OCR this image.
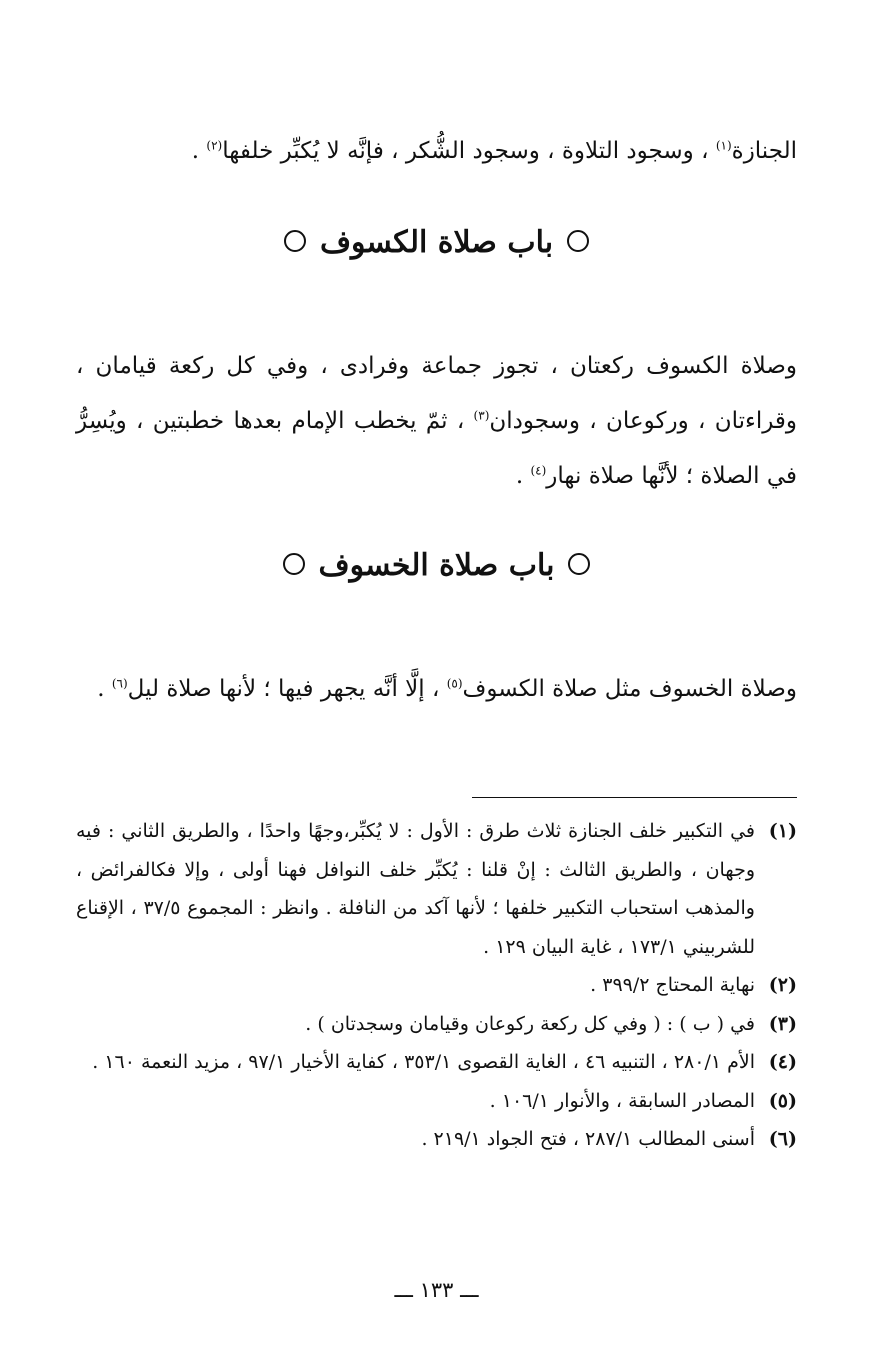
الجنازة$^{(١)}$ ، وسجود التلاوة ، وسجود الشُّكر ، فإنَّه لا يُكبِّر خلفها$^{(٢)}$ .

باب صلاة الكسوف

وصلاة الكسوف ركعتان ، تجوز جماعة وفرادى ، وفي كل ركعة قيامان ، وقراءتان ، وركوعان ، وسجودان$^{(٣)}$ ، ثمّ يخطب الإمام بعدها خطبتين ، ويُسِرُّ في الصلاة ؛ لأنَّها صلاة نهار$^{(٤)}$ .

باب صلاة الخسوف

وصلاة الخسوف مثل صلاة الكسوف$^{(٥)}$ ، إلَّا أنَّه يجهر فيها ؛ لأنها صلاة ليل$^{(٦)}$ .

(١)
في التكبير خلف الجنازة ثلاث طرق : الأول : لا يُكبِّر،وجهًا واحدًا ، والطريق الثاني : فيه وجهان ، والطريق الثالث : إنْ قلنا : يُكبِّر خلف النوافل فهنا أولى ، وإلا فكالفرائض ، والمذهب استحباب التكبير خلفها ؛ لأنها آكد من النافلة . وانظر : المجموع ٣٧/٥ ، الإقناع للشربيني ١٧٣/١ ، غاية البيان ١٢٩ .
(٢)
نهاية المحتاج ٣٩٩/٢ .
(٣)
في ( ب ) : ( وفي كل ركعة ركوعان وقيامان وسجدتان ) .
(٤)
الأم ٢٨٠/١ ، التنبيه ٤٦ ، الغاية القصوى ٣٥٣/١ ، كفاية الأخيار ٩٧/١ ، مزيد النعمة ١٦٠ .
(٥)
المصادر السابقة ، والأنوار ١٠٦/١ .
(٦)
أسنى المطالب ٢٨٧/١ ، فتح الجواد ٢١٩/١ .
ـــ ١٣٣ ـــ
